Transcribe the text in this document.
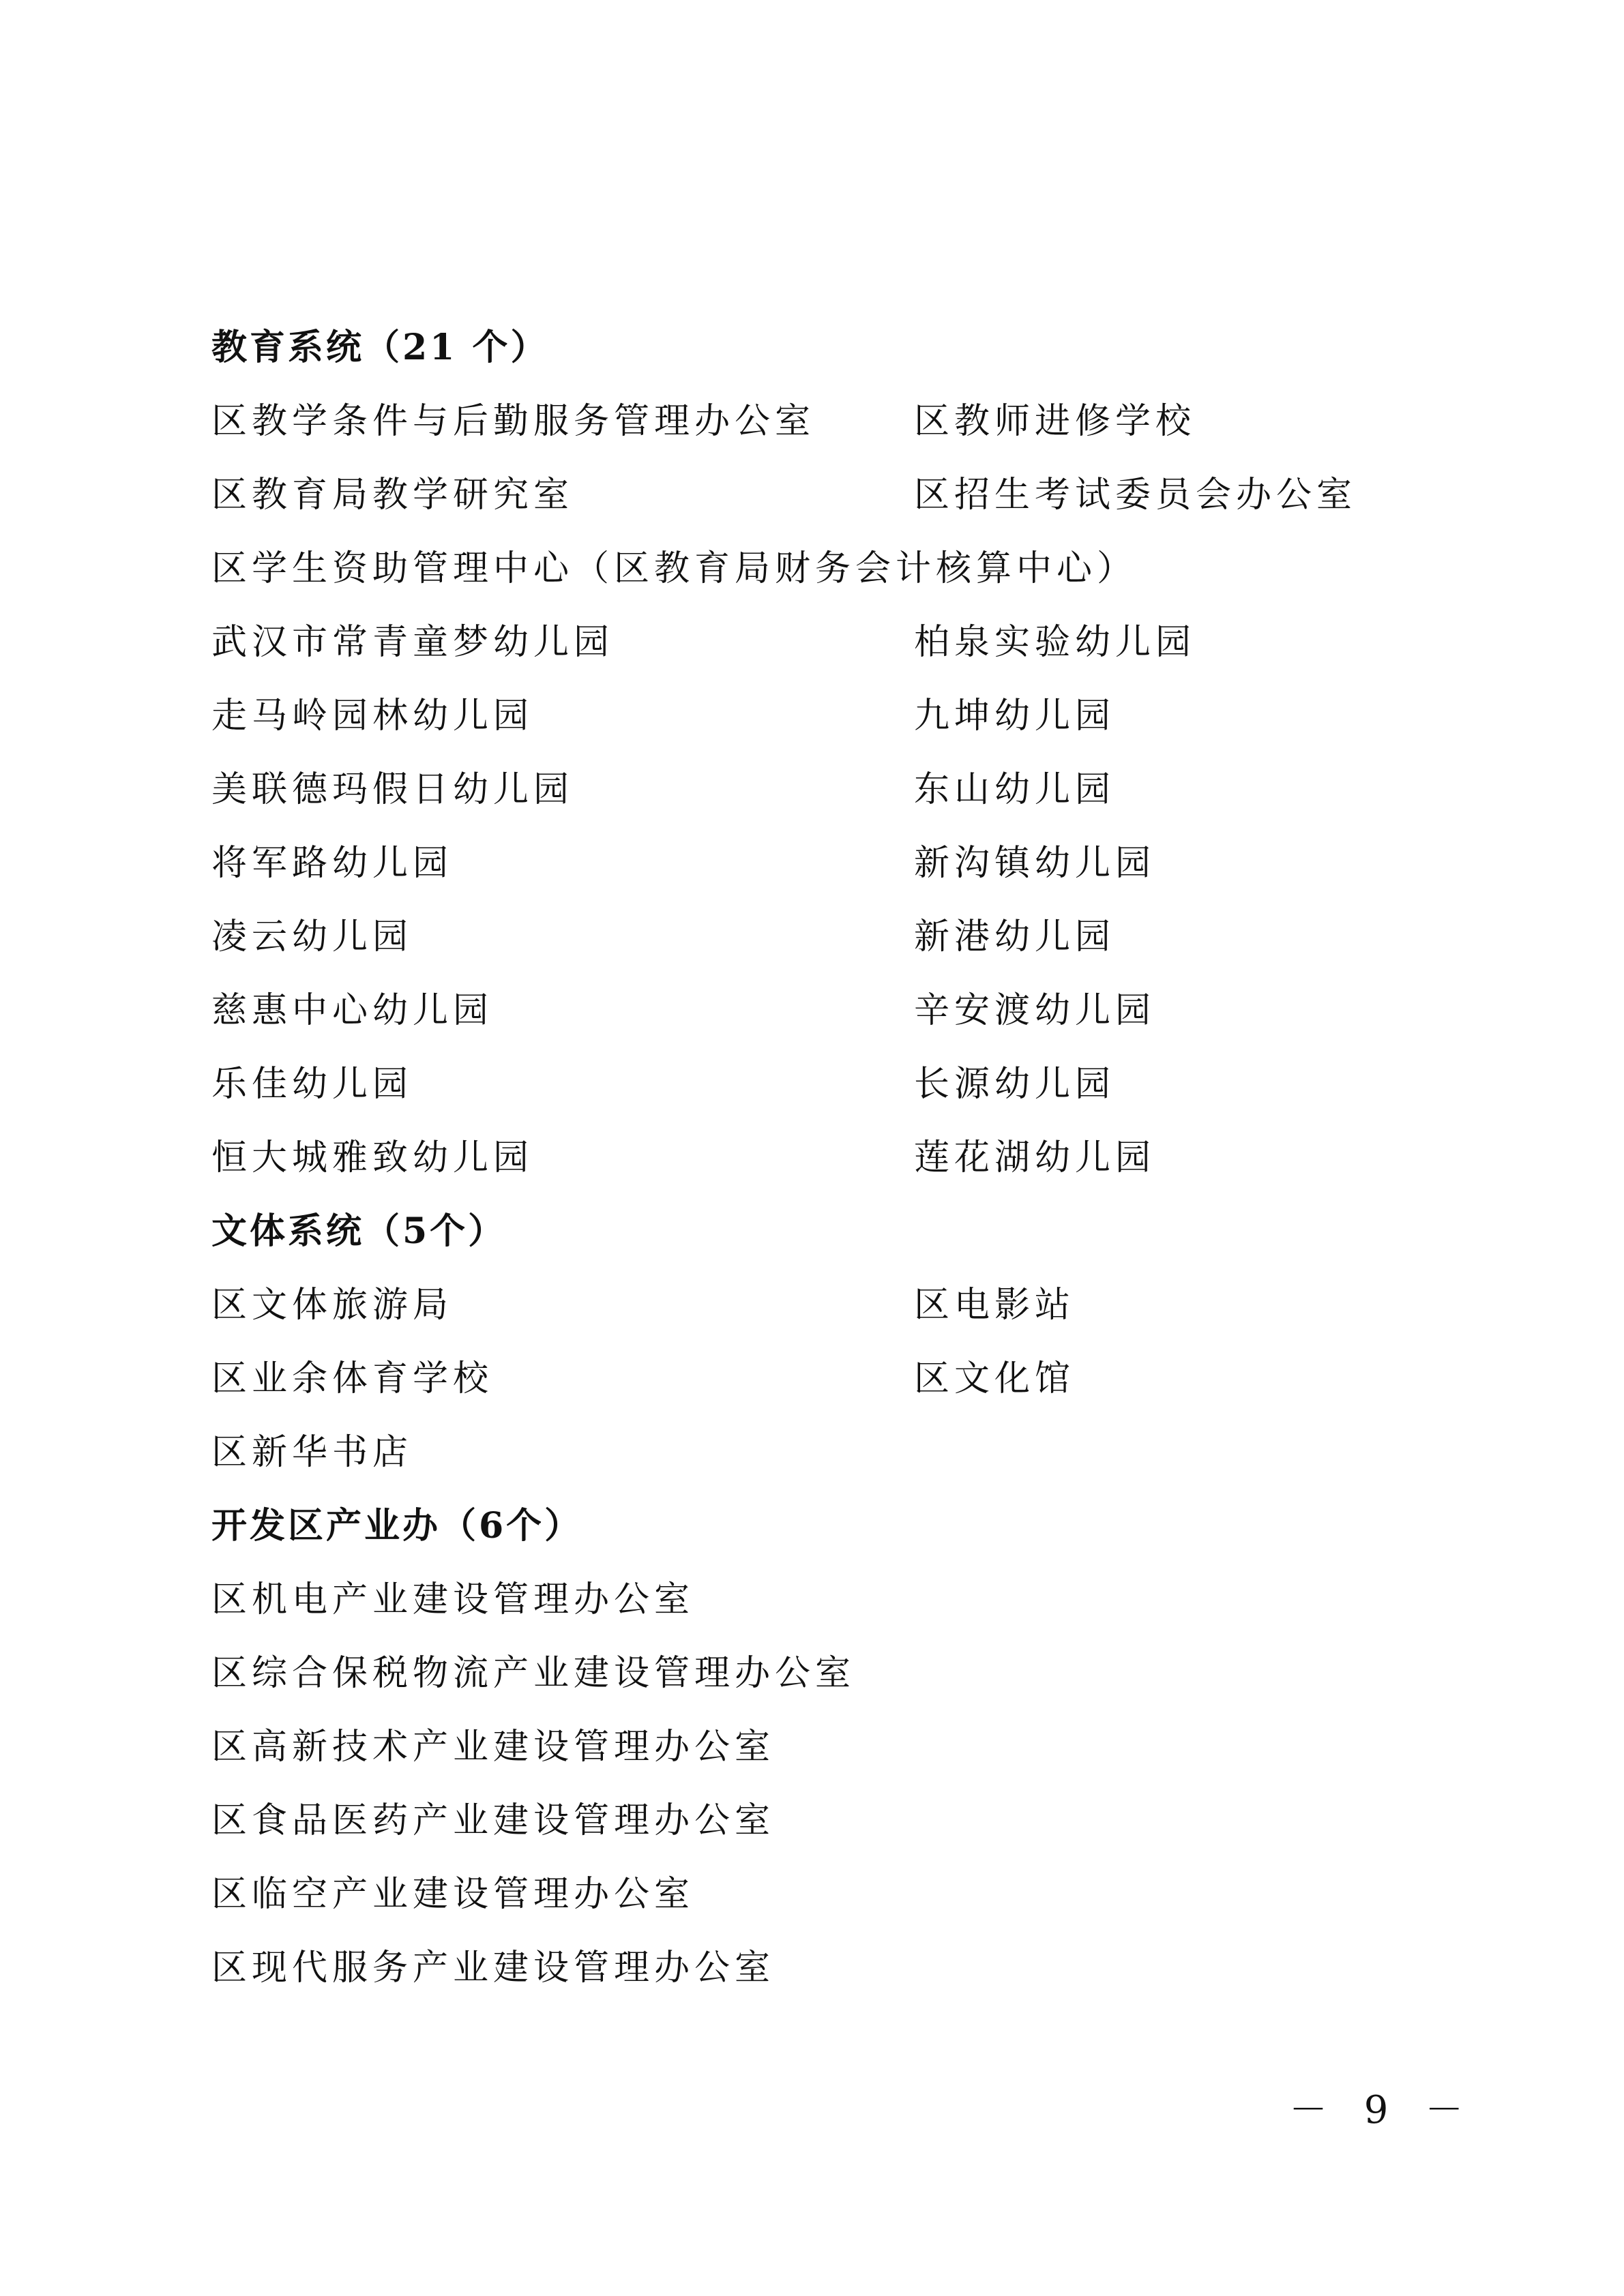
教育系统（21 个）
区教学条件与后勤服务管理办公室	区教师进修学校
区教育局教学研究室	区招生考试委员会办公室
区学生资助管理中心（区教育局财务会计核算中心）
武汉市常青童梦幼儿园	柏泉实验幼儿园
走马岭园林幼儿园	九坤幼儿园
美联德玛假日幼儿园	东山幼儿园
将军路幼儿园	新沟镇幼儿园
凌云幼儿园	新港幼儿园
慈惠中心幼儿园	辛安渡幼儿园
乐佳幼儿园	长源幼儿园
恒大城雅致幼儿园	莲花湖幼儿园
文体系统（5个）
区文体旅游局	区电影站
区业余体育学校	区文化馆
区新华书店
开发区产业办（6个）
区机电产业建设管理办公室
区综合保税物流产业建设管理办公室
区高新技术产业建设管理办公室
区食品医药产业建设管理办公室
区临空产业建设管理办公室
区现代服务产业建设管理办公室
－ 9 －
